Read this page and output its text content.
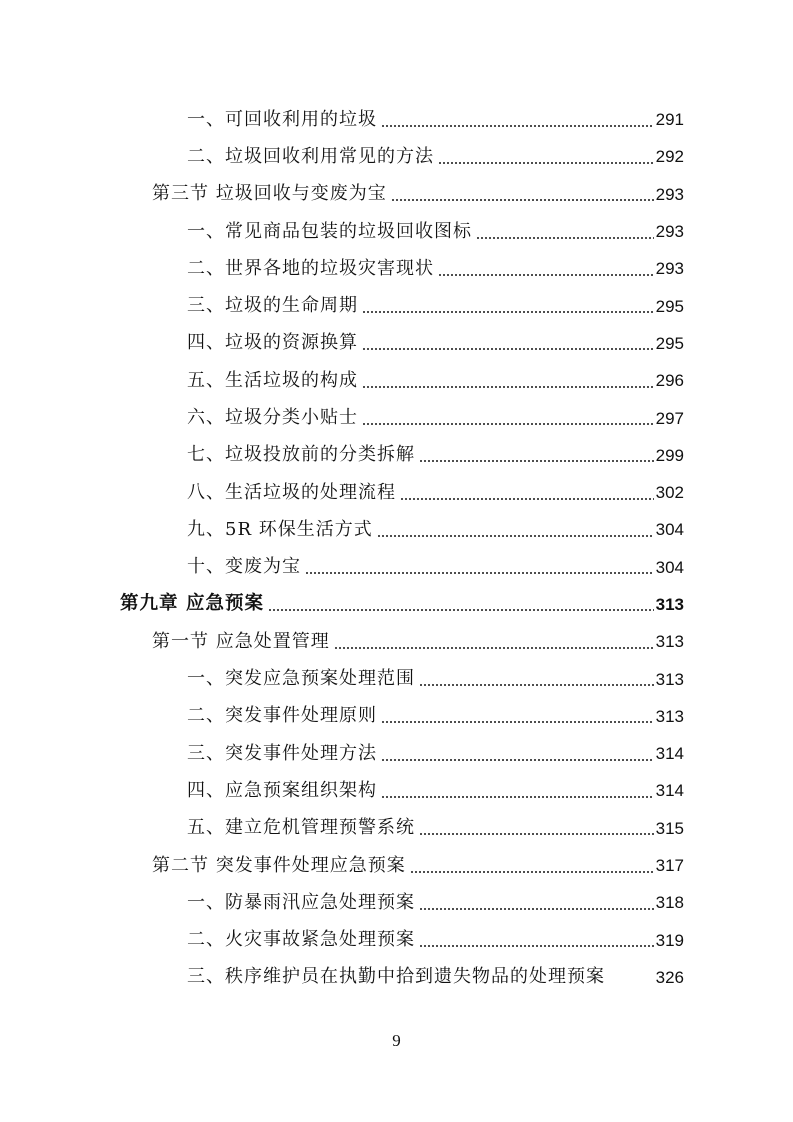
一、可回收利用的垃圾	291
二、垃圾回收利用常见的方法	292
第三节 垃圾回收与变废为宝	293
一、常见商品包装的垃圾回收图标	293
二、世界各地的垃圾灾害现状	293
三、垃圾的生命周期	295
四、垃圾的资源换算	295
五、生活垃圾的构成	296
六、垃圾分类小贴士	297
七、垃圾投放前的分类拆解	299
八、生活垃圾的处理流程	302
九、5R 环保生活方式	304
十、变废为宝	304
第九章 应急预案	313
第一节 应急处置管理	313
一、突发应急预案处理范围	313
二、突发事件处理原则	313
三、突发事件处理方法	314
四、应急预案组织架构	314
五、建立危机管理预警系统	315
第二节 突发事件处理应急预案	317
一、防暴雨汛应急处理预案	318
二、火灾事故紧急处理预案	319
三、秩序维护员在执勤中拾到遗失物品的处理预案	326
9
